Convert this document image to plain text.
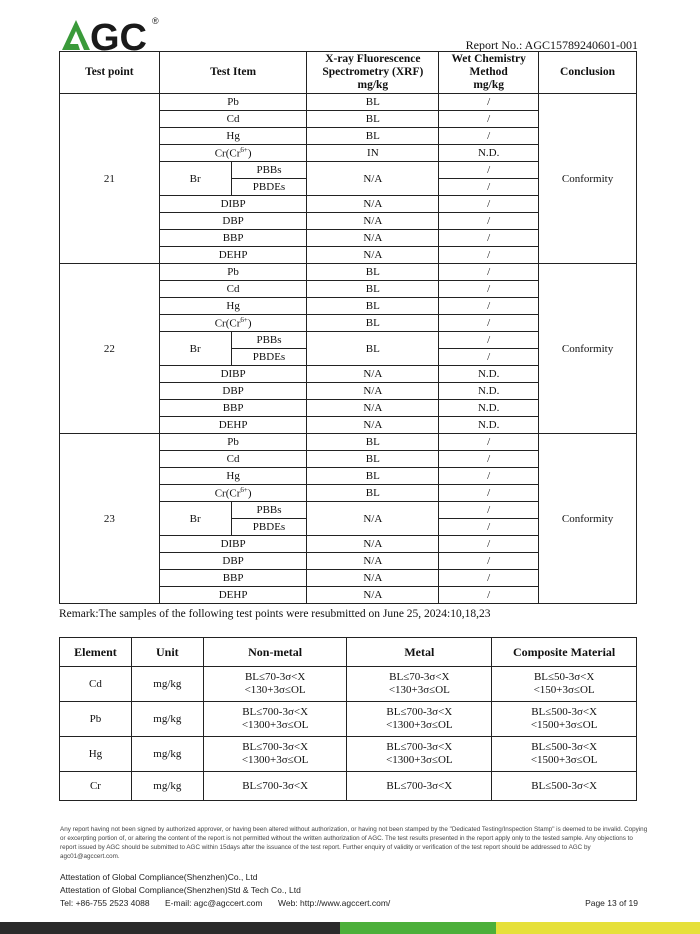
GC ®
Report No.: AGC15789240601-001
Test point	Test Item		X-ray Fluorescence
Spectrometry (XRF)
mg/kg	Wet Chemistry
Method
mg/kg	Conclusion
21	Pb		BL	/	Conformity
	Cd		BL	/	
	Hg		BL	/	
	$Cr(Cr^{6+})$		IN	N.D.	
	Br	PBBs	N/A	/	
		PBDEs		/	
	DIBP		N/A	/	
	DBP		N/A	/	
	BBP		N/A	/	
	DEHP		N/A	/	
22	Pb		BL	/	Conformity
	Cd		BL	/	
	Hg		BL	/	
	$Cr(Cr^{6+})$		BL	/	
	Br	PBBs	BL	/	
		PBDEs		/	
	DIBP		N/A	N.D.	
	DBP		N/A	N.D.	
	BBP		N/A	N.D.	
	DEHP		N/A	N.D.	
23	Pb		BL	/	Conformity
	Cd		BL	/	
	Hg		BL	/	
	$Cr(Cr^{6+})$		BL	/	
	Br	PBBs	N/A	/	
		PBDEs		/	
	DIBP		N/A	/	
	DBP		N/A	/	
	BBP		N/A	/	
	DEHP		N/A	/	
Remark:The samples of the following test points were resubmitted on June 25, 2024:10,18,23
Element	Unit	Non-metal	Metal	Composite Material
Cd	mg/kg	BL≤70-3σ<X
<130+3σ≤OL	BL≤70-3σ<X
<130+3σ≤OL	BL≤50-3σ<X
<150+3σ≤OL
Pb	mg/kg	BL≤700-3σ<X
<1300+3σ≤OL	BL≤700-3σ<X
<1300+3σ≤OL	BL≤500-3σ<X
<1500+3σ≤OL
Hg	mg/kg	BL≤700-3σ<X
<1300+3σ≤OL	BL≤700-3σ<X
<1300+3σ≤OL	BL≤500-3σ<X
<1500+3σ≤OL
Cr	mg/kg	BL≤700-3σ<X	BL≤700-3σ<X	BL≤500-3σ<X
Any report having not been signed by authorized approver, or having been altered without authorization, or having not been stamped by the "Dedicated Testing/Inspection Stamp" is deemed to be invalid. Copying or excerpting portion of, or altering the content of the report is not permitted without the written authorization of AGC. The test results presented in the report apply only to the tested sample. Any objections to report issued by AGC should be submitted to AGC within 15days after the issuance of the test report. Further enquiry of validity or verification of the test report should be addressed to AGC by agc01@agccert.com.
Attestation of Global Compliance(Shenzhen)Co., Ltd
Attestation of Global Compliance(Shenzhen)Std & Tech Co., Ltd
Tel: +86-755 2523 4088 E-mail: agc@agccert.com Web: http://www.agccert.com/	Page 13 of 19
